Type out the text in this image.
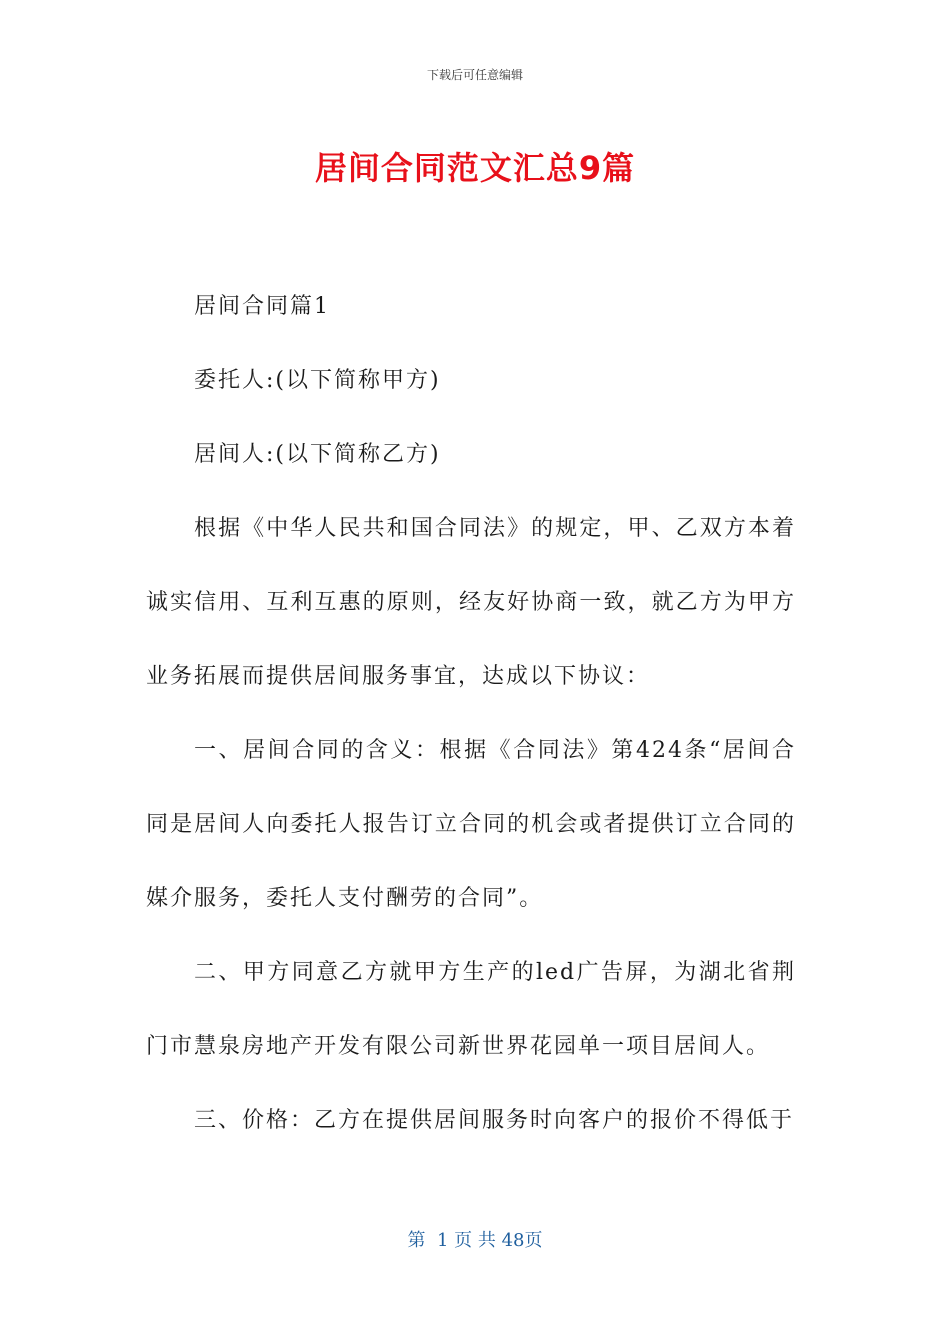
下载后可任意编辑
居间合同范文汇总9篇

居间合同篇1

委托人:(以下简称甲方)

居间人:(以下简称乙方)

根据《中华人民共和国合同法》的规定，甲、乙双方本着诚实信用、互利互惠的原则，经友好协商一致，就乙方为甲方业务拓展而提供居间服务事宜，达成以下协议：

一、居间合同的含义：根据《合同法》第424条“居间合同是居间人向委托人报告订立合同的机会或者提供订立合同的媒介服务，委托人支付酬劳的合同”。

二、甲方同意乙方就甲方生产的led广告屏，为湖北省荆门市慧泉房地产开发有限公司新世界花园单一项目居间人。

三、价格：乙方在提供居间服务时向客户的报价不得低于

第  1 页 共 48页
